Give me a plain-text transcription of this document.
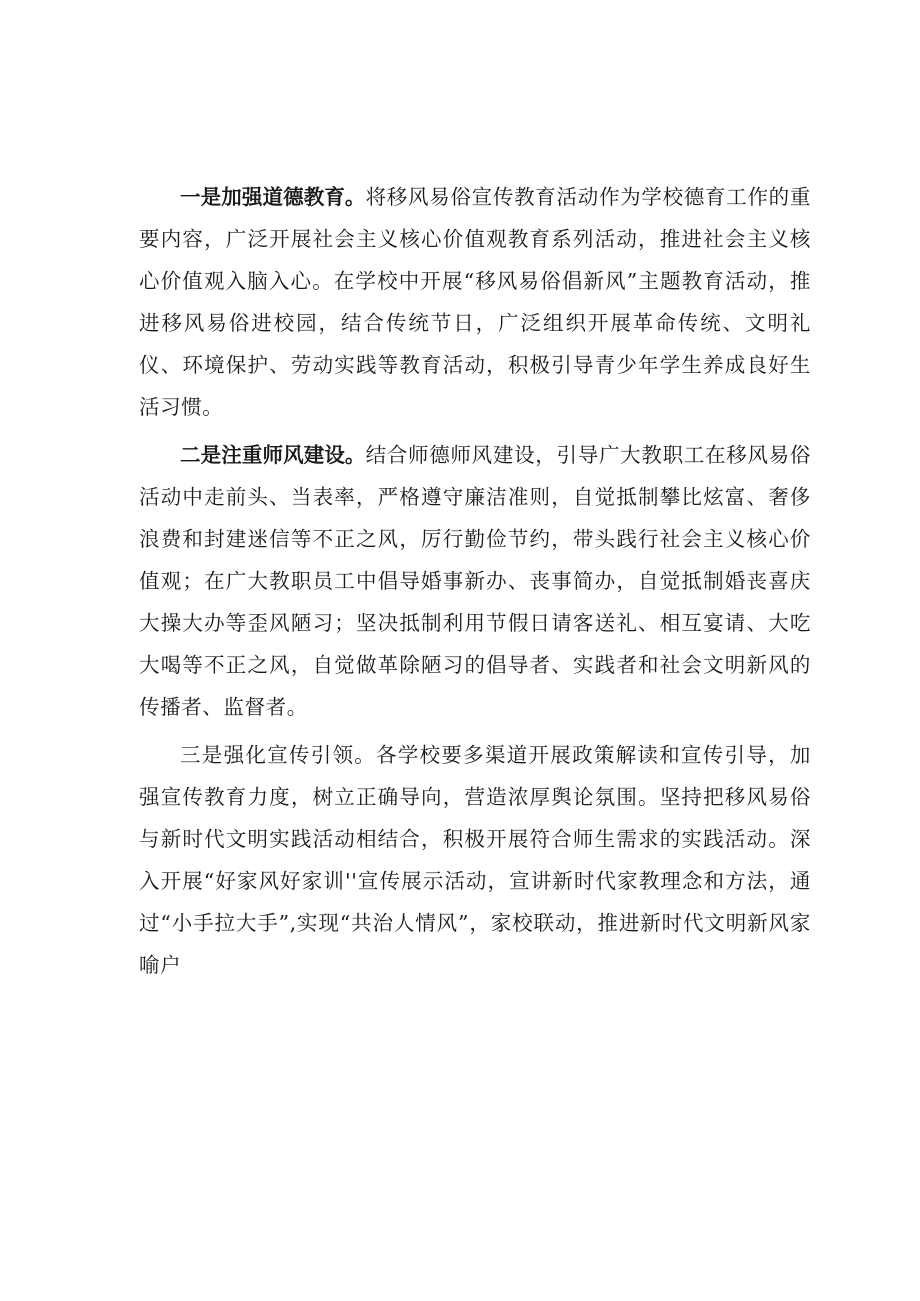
一是加强道德教育。将移风易俗宣传教育活动作为学校德育工作的重要内容，广泛开展社会主义核心价值观教育系列活动，推进社会主义核心价值观入脑入心。在学校中开展“移风易俗倡新风”主题教育活动，推进移风易俗进校园，结合传统节日，广泛组织开展革命传统、文明礼仪、环境保护、劳动实践等教育活动，积极引导青少年学生养成良好生活习惯。

二是注重师风建设。结合师德师风建设，引导广大教职工在移风易俗活动中走前头、当表率，严格遵守廉洁准则，自觉抵制攀比炫富、奢侈浪费和封建迷信等不正之风，厉行勤俭节约，带头践行社会主义核心价值观；在广大教职员工中倡导婚事新办、丧事简办，自觉抵制婚丧喜庆大操大办等歪风陋习；坚决抵制利用节假日请客送礼、相互宴请、大吃大喝等不正之风，自觉做革除陋习的倡导者、实践者和社会文明新风的传播者、监督者。

三是强化宣传引领。各学校要多渠道开展政策解读和宣传引导，加强宣传教育力度，树立正确导向，营造浓厚舆论氛围。坚持把移风易俗与新时代文明实践活动相结合，积极开展符合师生需求的实践活动。深入开展“好家风好家训''宣传展示活动，宣讲新时代家教理念和方法，通过“小手拉大手”,实现“共治人情风”，家校联动，推进新时代文明新风家喻户
